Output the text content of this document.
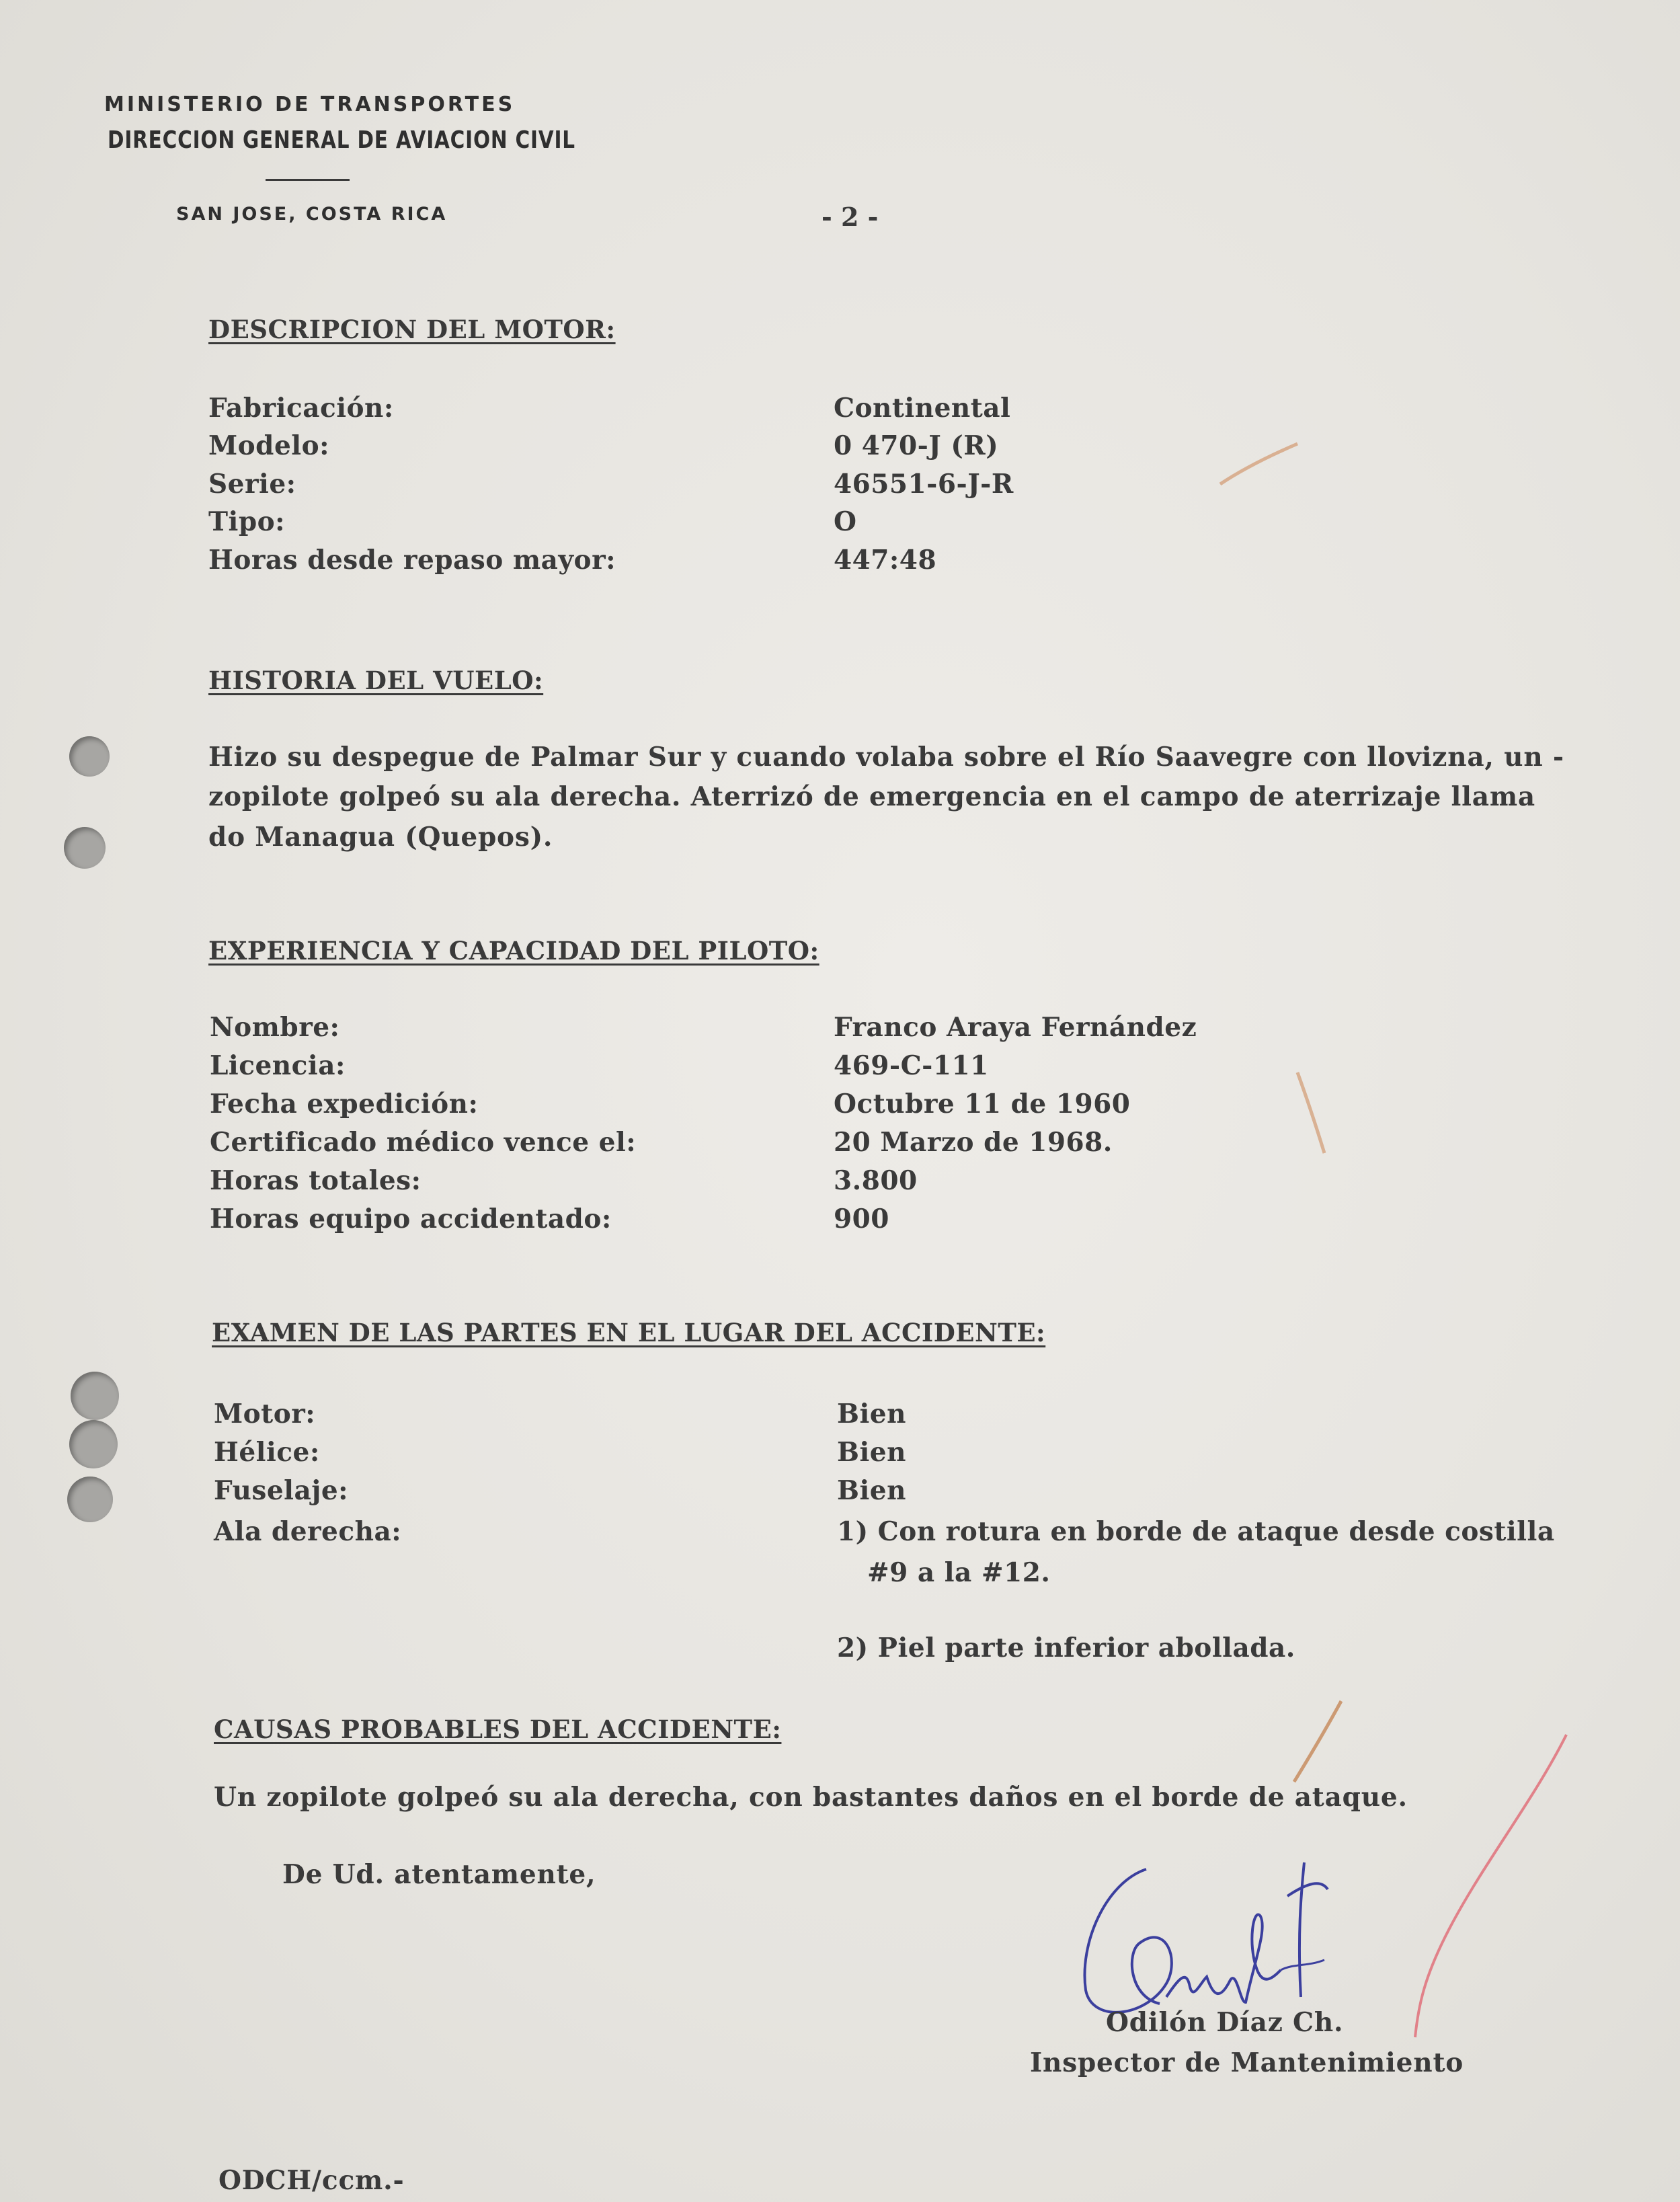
MINISTERIO DE TRANSPORTES
DIRECCION GENERAL DE AVIACION CIVIL
SAN JOSE, COSTA RICA	- 2 -
DESCRIPCION DEL MOTOR:
Fabricación:	Continental
Modelo:	0 470-J (R)
Serie:	46551-6-J-R
Tipo:	O
Horas desde repaso mayor:	447:48
HISTORIA DEL VUELO:
Hizo su despegue de Palmar Sur y cuando volaba sobre el Río Saavegre con llovizna, un -
zopilote golpeó su ala derecha. Aterrizó de emergencia en el campo de aterrizaje llama
do Managua (Quepos).
EXPERIENCIA Y CAPACIDAD DEL PILOTO:
Nombre:	Franco Araya Fernández
Licencia:	469-C-111
Fecha expedición:	Octubre 11 de 1960
Certificado médico vence el:	20 Marzo de 1968.
Horas totales:	3.800
Horas equipo accidentado:	900
EXAMEN DE LAS PARTES EN EL LUGAR DEL ACCIDENTE:
Motor:	Bien
Hélice:	Bien
Fuselaje:	Bien
Ala derecha:	1) Con rotura en borde de ataque desde costilla
#9 a la #12.
2) Piel parte inferior abollada.
CAUSAS PROBABLES DEL ACCIDENTE:
Un zopilote golpeó su ala derecha, con bastantes daños en el borde de ataque.
De Ud. atentamente,
Odilón Díaz Ch.
Inspector de Mantenimiento
ODCH/ccm.-
